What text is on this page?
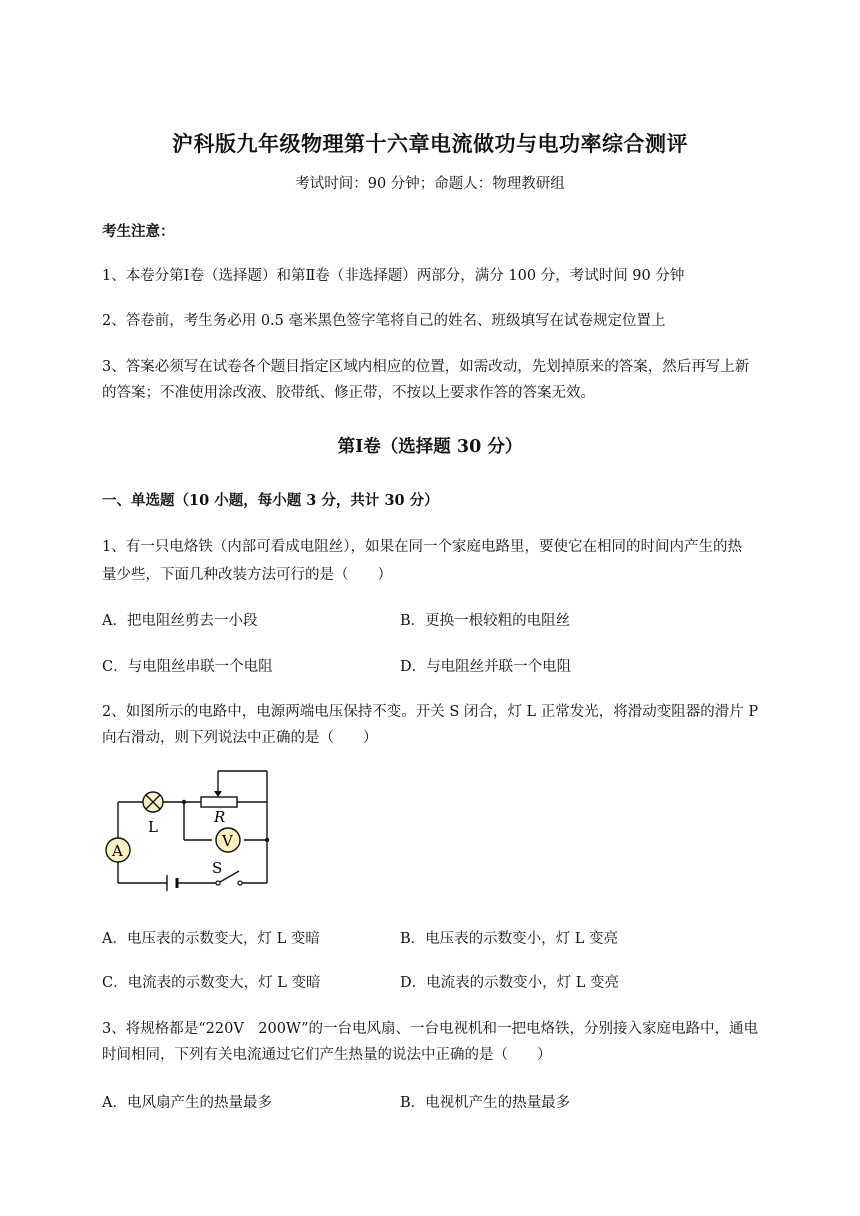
沪科版九年级物理第十六章电流做功与电功率综合测评
考试时间：90 分钟；命题人：物理教研组
考生注意：
1、本卷分第Ⅰ卷（选择题）和第Ⅱ卷（非选择题）两部分，满分 100 分，考试时间 90 分钟
2、答卷前，考生务必用 0.5 毫米黑色签字笔将自己的姓名、班级填写在试卷规定位置上
3、答案必须写在试卷各个题目指定区域内相应的位置，如需改动，先划掉原来的答案，然后再写上新
的答案；不准使用涂改液、胶带纸、修正带，不按以上要求作答的答案无效。
第Ⅰ卷（选择题 30 分）
一、单选题（10 小题，每小题 3 分，共计 30 分）
1、有一只电烙铁（内部可看成电阻丝），如果在同一个家庭电路里，要使它在相同的时间内产生的热
量少些，下面几种改装方法可行的是（　　）
A．把电阻丝剪去一小段	B．更换一根较粗的电阻丝
C．与电阻丝串联一个电阻	D．与电阻丝并联一个电阻
2、如图所示的电路中，电源两端电压保持不变。开关 S 闭合，灯 L 正常发光，将滑动变阻器的滑片 P
向右滑动，则下列说法中正确的是（　　）
L
R
V
A
S
A．电压表的示数变大，灯 L 变暗	B．电压表的示数变小，灯 L 变亮
C．电流表的示数变大，灯 L 变暗	D．电流表的示数变小，灯 L 变亮
3、将规格都是“220V　200W”的一台电风扇、一台电视机和一把电烙铁，分别接入家庭电路中，通电
时间相同，下列有关电流通过它们产生热量的说法中正确的是（　　）
A．电风扇产生的热量最多	B．电视机产生的热量最多
